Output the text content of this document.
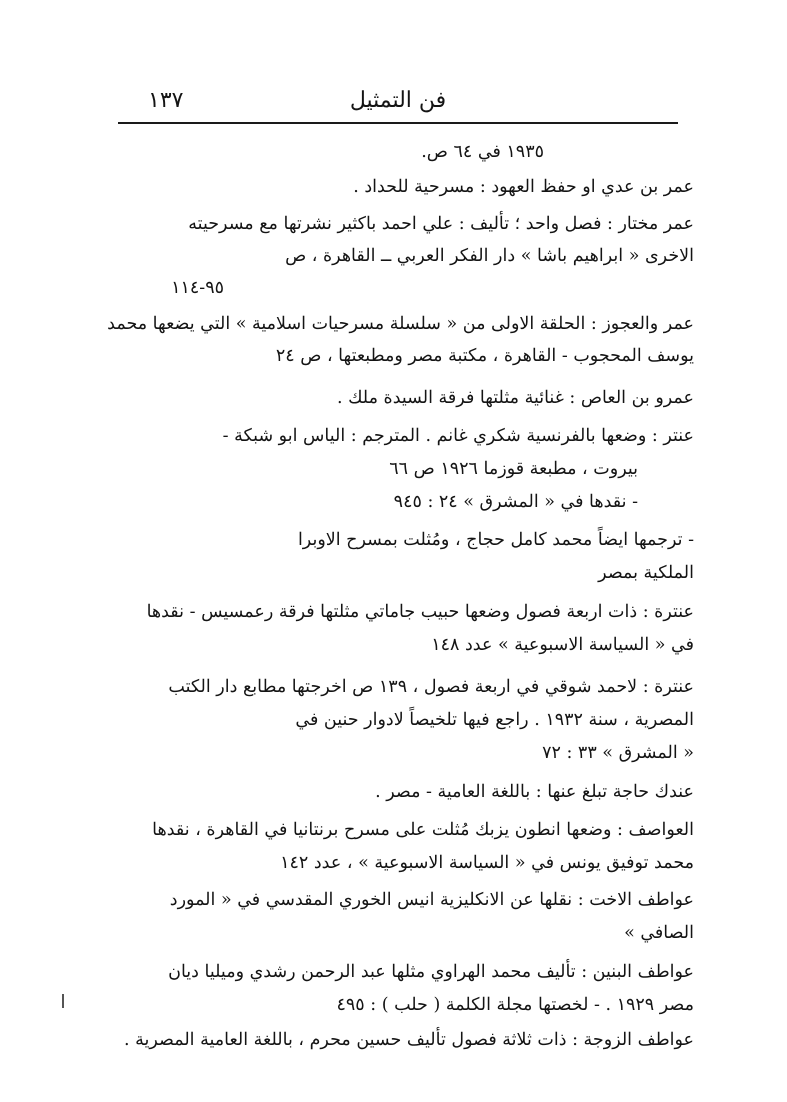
فن التمثيل
١٣٧
١٩٣٥ في ٦٤ ص.
عمر بن عدي او حفظ العهود : مسرحية للحداد .
عمر مختار : فصل واحد ؛ تأليف : علي احمد باكثير نشرتها مع مسرحيته
الاخرى « ابراهيم باشا » دار الفكر العربي ــ القاهرة ، ص
٩٥-١١٤
عمر والعجوز : الحلقة الاولى من « سلسلة مسرحيات اسلامية » التي يضعها محمد
يوسف المحجوب - القاهرة ، مكتبة مصر ومطبعتها ، ص ٢٤
عمرو بن العاص : غنائية مثلتها فرقة السيدة ملك .
عنتر : وضعها بالفرنسية شكري غانم . المترجم : الياس ابو شبكة -
بيروت ، مطبعة قوزما ١٩٢٦ ص ٦٦
- نقدها في « المشرق » ٢٤ : ٩٤٥
- ترجمها ايضاً محمد كامل حجاج ، ومُثلت بمسرح الاوبرا
الملكية بمصر
عنترة : ذات اربعة فصول وضعها حبيب جاماتي مثلتها فرقة رعمسيس - نقدها
في « السياسة الاسبوعية » عدد ١٤٨
عنترة : لاحمد شوقي في اربعة فصول ، ١٣٩ ص اخرجتها مطابع دار الكتب
المصرية ، سنة ١٩٣٢ . راجع فيها تلخيصاً لادوار حنين في
« المشرق » ٣٣ : ٧٢
عندك حاجة تبلغ عنها : باللغة العامية - مصر .
العواصف : وضعها انطون يزبك مُثلت على مسرح برنتانيا في القاهرة ، نقدها
محمد توفيق يونس في « السياسة الاسبوعية » ، عدد ١٤٢
عواطف الاخت : نقلها عن الانكليزية انيس الخوري المقدسي في « المورد
الصافي »
عواطف البنين : تأليف محمد الهراوي مثلها عبد الرحمن رشدي وميليا ديان
مصر ١٩٢٩ . - لخصتها مجلة الكلمة ( حلب ) : ٤٩٥
عواطف الزوجة : ذات ثلاثة فصول تأليف حسين محرم ، باللغة العامية المصرية .
